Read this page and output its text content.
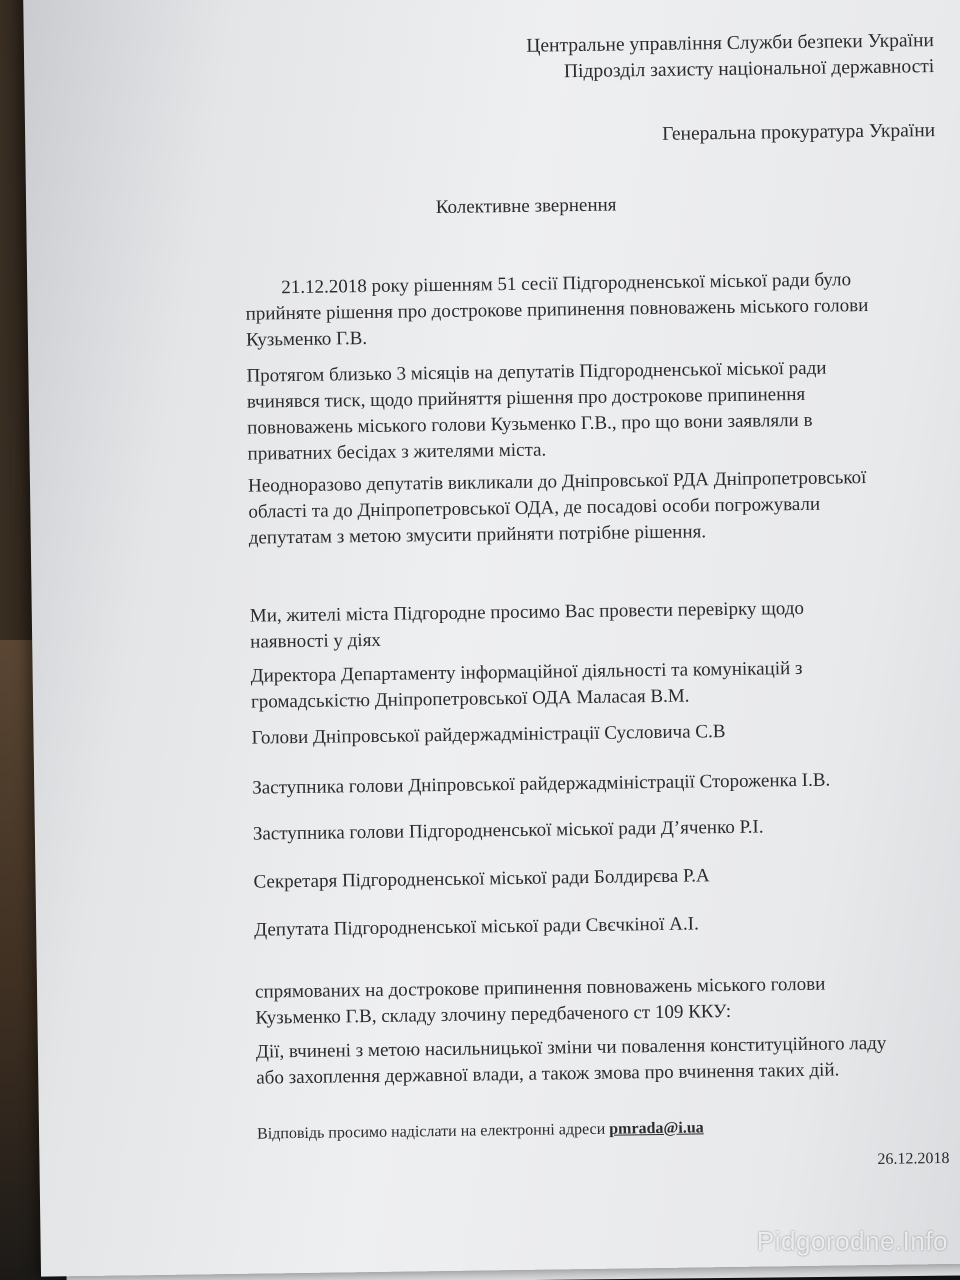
Центральне управління Служби безпеки України
Підрозділ захисту національної державності
Генеральна прокуратура України
Колективне звернення
21.12.2018 року рішенням 51 сесії Підгородненської міської ради було
прийняте рішення про дострокове припинення повноважень міського голови
Кузьменко Г.В.
Протягом близько 3 місяців на депутатів Підгородненської міської ради
вчинявся тиск, щодо прийняття рішення про дострокове припинення
повноважень міського голови Кузьменко Г.В., про що вони заявляли в
приватних бесідах з жителями міста.
Неодноразово депутатів викликали до Дніпровської РДА Дніпропетровської
області та до Дніпропетровської ОДА, де посадові особи погрожували
депутатам з метою змусити прийняти потрібне рішення.
Ми, жителі міста Підгородне просимо Вас провести перевірку щодо
наявності у діях
Директора Департаменту інформаційної діяльності та комунікацій з
громадськістю Дніпропетровської ОДА Маласая В.М.
Голови Дніпровської райдержадміністрації Сусловича С.В
Заступника голови Дніпровської райдержадміністрації Стороженка І.В.
Заступника голови Підгородненської міської ради Д’яченко Р.І.
Секретаря Підгородненської міської ради Болдирєва Р.А
Депутата Підгородненської міської ради Свєчкіної А.І.
спрямованих на дострокове припинення повноважень міського голови
Кузьменко Г.В, складу злочину передбаченого ст 109 ККУ:
Дії, вчинені з метою насильницької зміни чи повалення конституційного ладу
або захоплення державної влади, а також змова про вчинення таких дій.
Відповідь просимо надіслати на електронні адреси pmrada@i.ua
26.12.2018
Pidgorodne.Info
